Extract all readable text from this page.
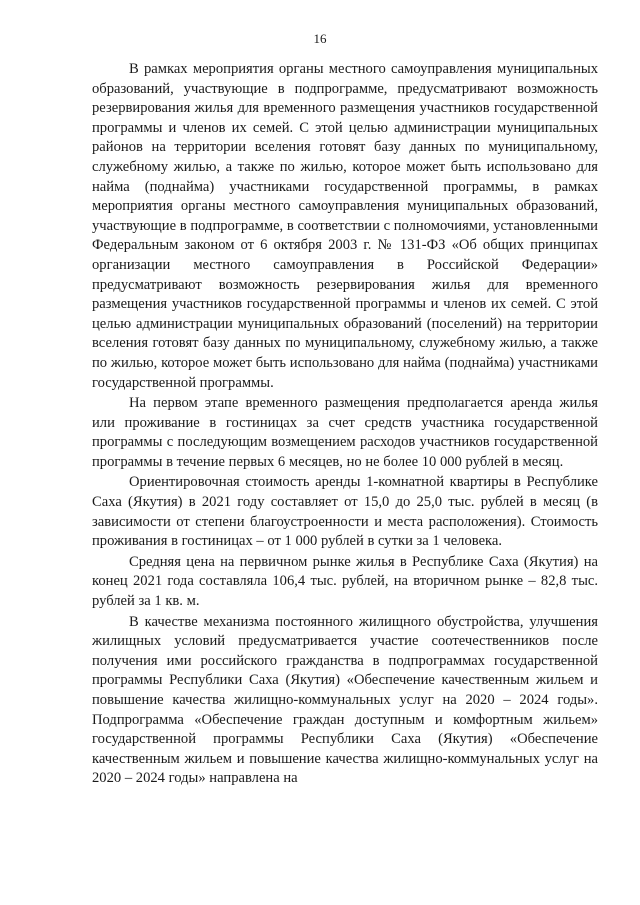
16

В рамках мероприятия органы местного самоуправления муниципальных образований, участвующие в подпрограмме, предусматривают возможность резервирования жилья для временного размещения участников государственной программы и членов их семей. С этой целью администрации муниципальных районов на территории вселения готовят базу данных по муниципальному, служебному жилью, а также по жилью, которое может быть использовано для найма (поднайма) участниками государственной программы, в рамках мероприятия органы местного самоуправления муниципальных образований, участвующие в подпрограмме, в соответствии с полномочиями, установленными Федеральным законом от 6 октября 2003 г. № 131-ФЗ «Об общих принципах организации местного самоуправления в Российской Федерации» предусматривают возможность резервирования жилья для временного размещения участников государственной программы и членов их семей. С этой целью администрации муниципальных образований (поселений) на территории вселения готовят базу данных по муниципальному, служебному жилью, а также по жилью, которое может быть использовано для найма (поднайма) участниками государственной программы.

На первом этапе временного размещения предполагается аренда жилья или проживание в гостиницах за счет средств участника государственной программы с последующим возмещением расходов участников государственной программы в течение первых 6 месяцев, но не более 10 000 рублей в месяц.

Ориентировочная стоимость аренды 1-комнатной квартиры в Республике Саха (Якутия) в 2021 году составляет от 15,0 до 25,0 тыс. рублей в месяц (в зависимости от степени благоустроенности и места расположения). Стоимость проживания в гостиницах – от 1 000 рублей в сутки за 1 человека.

Средняя цена на первичном рынке жилья в Республике Саха (Якутия) на конец 2021 года составляла 106,4 тыс. рублей, на вторичном рынке – 82,8 тыс. рублей за 1 кв. м.

В качестве механизма постоянного жилищного обустройства, улучшения жилищных условий предусматривается участие соотечественников после получения ими российского гражданства в подпрограммах государственной программы Республики Саха (Якутия) «Обеспечение качественным жильем и повышение качества жилищно-коммунальных услуг на 2020 – 2024 годы». Подпрограмма «Обеспечение граждан доступным и комфортным жильем» государственной программы Республики Саха (Якутия) «Обеспечение качественным жильем и повышение качества жилищно-коммунальных услуг на 2020 – 2024 годы» направлена на
